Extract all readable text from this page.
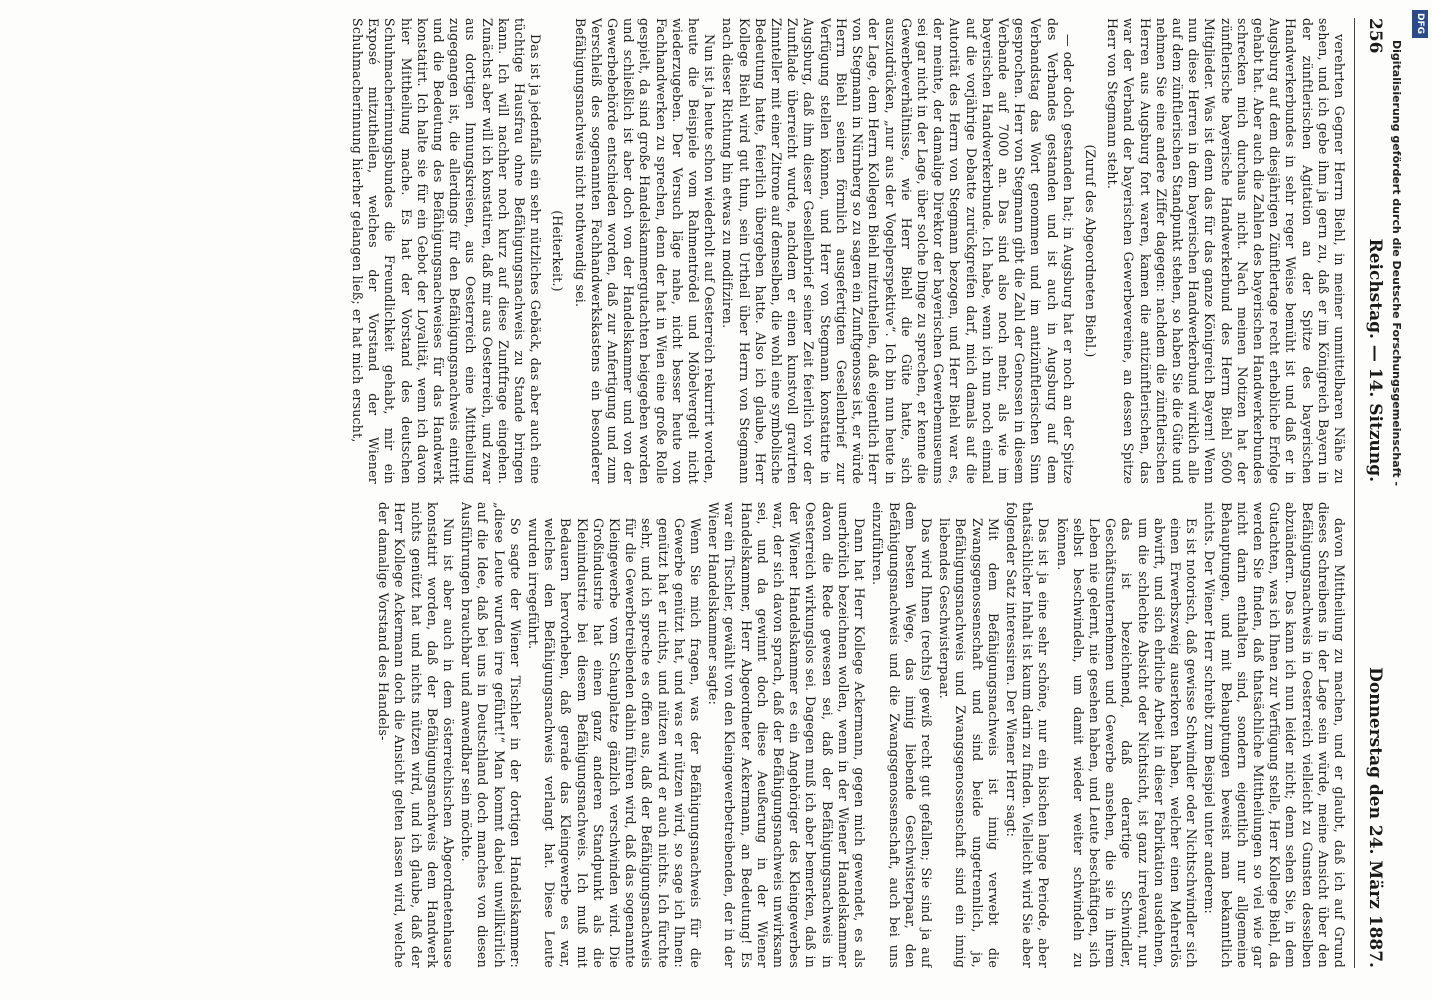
256
Reichstag. — 14. Sitzung.
Donnerstag den 24. März 1887.

verehrten Gegner Herrn Biehl, in meiner unmittelbaren Nähe zu sehen, und ich gebe ihm ja gern zu, daß er im Königreich Bayern in der zünftlerischen Agitation an der Spitze des bayerischen Handwerkerbundes in sehr reger Weise bemüht ist und daß er in Augsburg auf dem diesjährigen Zünftlertage recht erhebliche Erfolge gehabt hat. Aber auch die Zahlen des bayerischen Handwerkerbundes schrecken mich durchaus nicht. Nach meinen Notizen hat der zünftlerische bayerische Handwerkerbund des Herrn Biehl 5600 Mitglieder. Was ist denn das für das ganze Königreich Bayern! Wenn nun diese Herren in dem bayerischen Handwerkerbund wirklich alle auf dem zünftlerischen Standpunkt stehen, so haben Sie die Güte und nehmen Sie eine andere Ziffer dagegen: nachdem die zünftlerischen Herren aus Augsburg fort waren, kamen die antizünftlerischen, das war der Verband der bayerischen Gewerbevereine, an dessen Spitze Herr von Stegmann steht.

(Zuruf des Abgeordneten Biehl.)

— oder doch gestanden hat; in Augsburg hat er noch an der Spitze des Verbandes gestanden und ist auch in Augsburg auf dem Verbandstag das Wort genommen und im antizünftlerischen Sinn gesprochen. Herr von Stegmann gibt die Zahl der Genossen in diesem Verbande auf 7000 an. Das sind also noch mehr, als wie im bayerischen Handwerkerbunde. Ich habe, wenn ich nun noch einmal auf die vorjährige Debatte zurückgreifen darf, mich damals auf die Autorität des Herrn von Stegmann bezogen, und Herr Biehl war es, der meinte, der damalige Direktor der bayerischen Gewerbemuseums sei gar nicht in der Lage, über solche Dinge zu sprechen, er kenne die Gewerbeverhältnisse, wie Herr Biehl die Güte hatte, sich auszudrücken, „nur aus der Vogelperspektive“. Ich bin nun heute in der Lage, dem Herrn Kollegen Biehl mitzutheilen, daß eigentlich Herr von Stegmann in Nürnberg so zu sagen ein Zunftgenosse ist, er würde Herrn Biehl seinen förmlich ausgefertigten Gesellenbrief zur Verfügung stellen können, und Herr von Stegmann konstatirte in Augsburg, daß ihm dieser Gesellenbrief seiner Zeit feierlich vor der Zunftlade überreicht wurde, nachdem er einen kunstvoll gravirten Zinnteller mit einer Zitrone auf demselben, die wohl eine symbolische Bedeutung hatte, feierlich übergeben hatte. Also ich glaube, Herr Kollege Biehl wird gut thun, sein Urtheil über Herrn von Stegmann nach dieser Richtung hin etwas zu modifiziren.

Nun ist ja heute schon wiederholt auf Oesterreich rekurrirt worden, heute die Beispiele vom Rahmentrödel und Möbelvergelt nicht wiederzugeben. Der Versuch läge nahe, nicht besser heute von Fachhandwerken zu sprechen, denn der hat in Wien eine große Rolle gespielt, da sind große Handelskammergutachten beigegeben worden und schließlich ist aber doch von der Handelskammer und von der Gewerbebehörde entschieden worden, daß zur Anfertigung und zum Verschleiß des sogenannten Fachhandwerkskastens ein besonderer Befähigungsnachweis nicht nothwendig sei.

(Heiterkeit.)

Das ist ja jedenfalls ein sehr nützliches Gebäck, das aber auch eine tüchtige Hausfrau ohne Befähigungsnachweis zu Stande bringen kann. Ich will nachher noch kurz auf diese Zunftfrage eingehen. Zunächst aber will ich konstatiren, daß mir aus Oesterreich, und zwar aus dortigen Innungskreisen, aus Oesterreich eine Mittheilung zugegangen ist, die allerdings für den Befähigungsnachweis eintritt und die Bedeutung des Befähigungsnachweises für das Handwerk konstatirt. Ich halte sie für ein Gebot der Loyalität, wenn ich davon hier Mittheilung mache. Es hat der Vorstand des deutschen Schuhmacherinnungsbundes die Freundlichkeit gehabt, mir ein Exposé mitzutheilen, welches der Vorstand der Wiener Schuhmacherinnung hierher gelangen ließ; er hat mich ersucht,

davon Mittheilung zu machen, und er glaubt, daß ich auf Grund dieses Schreibens in der Lage sein würde, meine Ansicht über den Befähigungsnachweis in Oesterreich vielleicht zu Gunsten desselben abzuändern. Das kann ich nun leider nicht; denn sehen Sie, in dem Gutachten, was ich Ihnen zur Verfügung stelle, Herr Kollege Biehl, da werden Sie finden, daß thatsächliche Mittheilungen so viel wie gar nicht darin enthalten sind, sondern eigentlich nur allgemeine Behauptungen, und mit Behauptungen beweist man bekanntlich nichts. Der Wiener Herr schreibt zum Beispiel unter anderem:

Es ist notorisch, daß gewisse Schwindler oder Nichtschwindler sich einen Erwerbszweig auserkoren haben, welcher einen Mehrerlös abwirft, und sich ehrliche Arbeit in dieser Fabrikation ausdehnen, um die schlechte Absicht oder Nichtsicht, ist ganz irrelevant, nur das ist bezeichnend, daß derartige Schwindler, Geschäftsunternehmen und Gewerbe ansehen, die sie in ihrem Leben nie gelernt, nie gesehen haben, und Leute beschäftigen, sich selbst beschwindeln, um damit wieder weiter schwindeln zu können.

Das ist ja eine sehr schöne, nur ein bischen lange Periode, aber thatsächlicher Inhalt ist kaum darin zu finden. Vielleicht wird Sie aber folgender Satz interessiren. Der Wiener Herr sagt:

Mit dem Befähigungsnachweis ist innig verwebt die Zwangsgenossenschaft und sind beide ungetrennlich, ja, Befähigungsnachweis und Zwangsgenossenschaft sind ein innig liebendes Geschwisterpaar.

Das wird Ihnen (rechts) gewiß recht gut gefallen; Sie sind ja auf dem besten Wege, das innig liebende Geschwisterpaar, den Befähigungsnachweis und die Zwangsgenossenschaft, auch bei uns einzuführen.

Dann hat Herr Kollege Ackermann, gegen mich gewendet, es als unerhörlich bezeichnen wollen, wenn in der Wiener Handelskammer davon die Rede gewesen sei, daß der Befähigungsnachweis in Oesterreich wirkungslos sei. Dagegen muß ich aber bemerken, daß in der Wiener Handelskammer es ein Angehöriger des Kleingewerbes war, der sich davon sprach, daß der Befähigungsnachweis unwirksam sei, und da gewinnt doch diese Aeußerung in der Wiener Handelskammer, Herr Abgeordneter Ackermann, an Bedeutung! Es war ein Tischler, gewählt von den Kleingewerbetreibenden, der in der Wiener Handelskammer sagte:

Wenn Sie mich fragen, was der Befähigungsnachweis für die Gewerbe genützt hat, und was er nützen wird, so sage ich Ihnen: genützt hat er nichts, und nützen wird er auch nichts. Ich fürchte sehr, und ich spreche es offen aus, daß der Befähigungsnachweis für die Gewerbetreibenden dahin führen wird, daß das sogenannte Kleingewerbe vom Schauplatze gänzlich verschwinden wird. Die Großindustrie hat einen ganz anderen Standpunkt als die Kleinindustrie bei diesem Befähigungsnachweis. Ich muß mit Bedauern hervorheben, daß gerade das Kleingewerbe es war, welches den Befähigungsnachweis verlangt hat. Diese Leute wurden irregeführt.

So sagte der Wiener Tischler in der dortigen Handelskammer: „diese Leute wurden irre geführt!“ Man kommt dabei unwillkürlich auf die Idee, daß bei uns in Deutschland doch manches von diesen Ausführungen brauchbar und anwendbar sein möchte.

Nun ist aber auch in dem österreichischen Abgeordnetenhause konstatirt worden, daß der Befähigungsnachweis dem Handwerk nichts genützt hat und nichts nützen wird, und ich glaube, daß der Herr Kollege Ackermann doch die Ansicht gelten lassen wird, welche der damalige Vorstand des Handels-

Digitalisierung gefördert durch die Deutsche Forschungsgemeinschaft -
DFG
